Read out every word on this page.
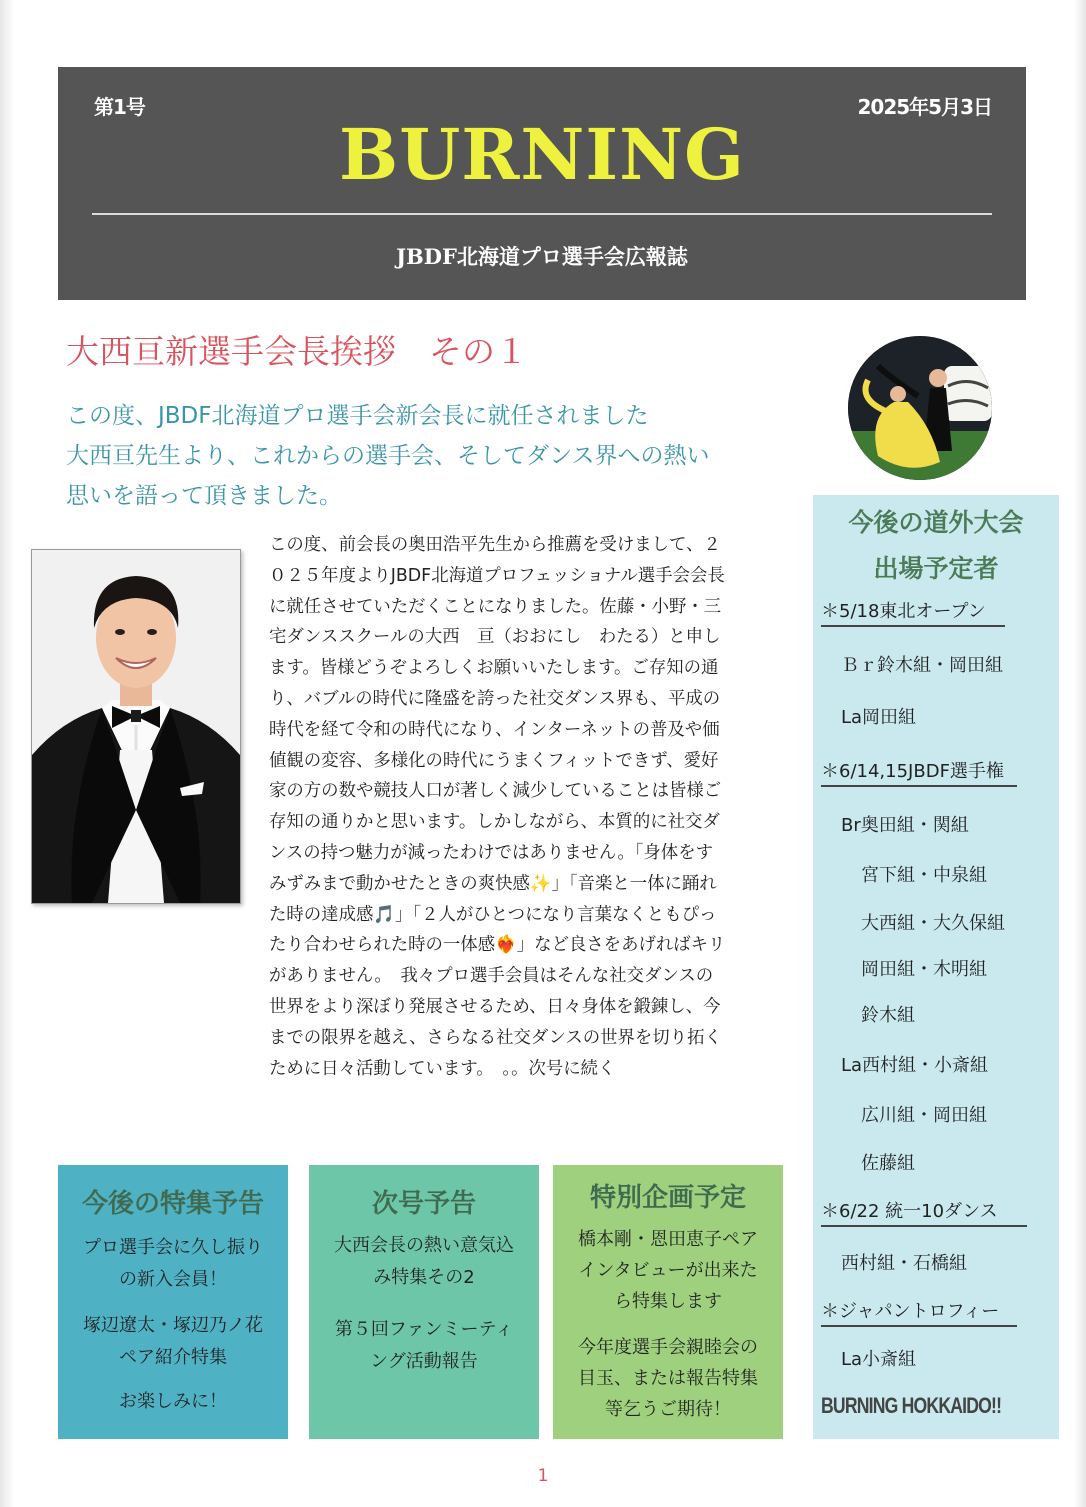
第1号	2025年5月3日
BURNING
JBDF北海道プロ選手会広報誌
大西亘新選手会長挨拶　その１
この度、JBDF北海道プロ選手会新会長に就任されました
大西亘先生より、これからの選手会、そしてダンス界への熱い
思いを語って頂きました。
この度、前会長の奥田浩平先生から推薦を受けまして、２
０２５年度よりJBDF北海道プロフェッショナル選手会会長
に就任させていただくことになりました。佐藤・小野・三
宅ダンススクールの大西　亘（おおにし　わたる）と申し
ます。皆様どうぞよろしくお願いいたします。ご存知の通
り、バブルの時代に隆盛を誇った社交ダンス界も、平成の
時代を経て令和の時代になり、インターネットの普及や価
値観の変容、多様化の時代にうまくフィットできず、愛好
家の方の数や競技人口が著しく減少していることは皆様ご
存知の通りかと思います。しかしながら、本質的に社交ダ
ンスの持つ魅力が減ったわけではありません。「身体をす
みずみまで動かせたときの爽快感✨」「音楽と一体に踊れ
た時の達成感🎵」「２人がひとつになり言葉なくともぴっ
たり合わせられた時の一体感❤️‍🔥」など良さをあげればキリ
がありません。　我々プロ選手会員はそんな社交ダンスの
世界をより深ぼり発展させるため、日々身体を鍛錬し、今
までの限界を越え、さらなる社交ダンスの世界を切り拓く
ために日々活動しています。　。。次号に続く
今後の道外大会
出場予定者
＊5/18東北オープン
Ｂｒ鈴木組・岡田組
La岡田組
＊6/14,15JBDF選手権
Br奥田組・関組
宮下組・中泉組
大西組・大久保組
岡田組・木明組
鈴木組
La西村組・小斎組
広川組・岡田組
佐藤組
＊6/22 統一10ダンス
西村組・石橋組
＊ジャパントロフィー
La小斎組
BURNING HOKKAIDO!!
今後の特集予告
プロ選手会に久し振り
の新入会員！
塚辺遼太・塚辺乃ノ花
ペア紹介特集
お楽しみに！
次号予告
大西会長の熱い意気込
み特集その2
第５回ファンミーティ
ング活動報告
特別企画予定
橋本剛・恩田恵子ペア
インタビューが出来た
ら特集します
今年度選手会親睦会の
目玉、または報告特集
等乞うご期待！
1
